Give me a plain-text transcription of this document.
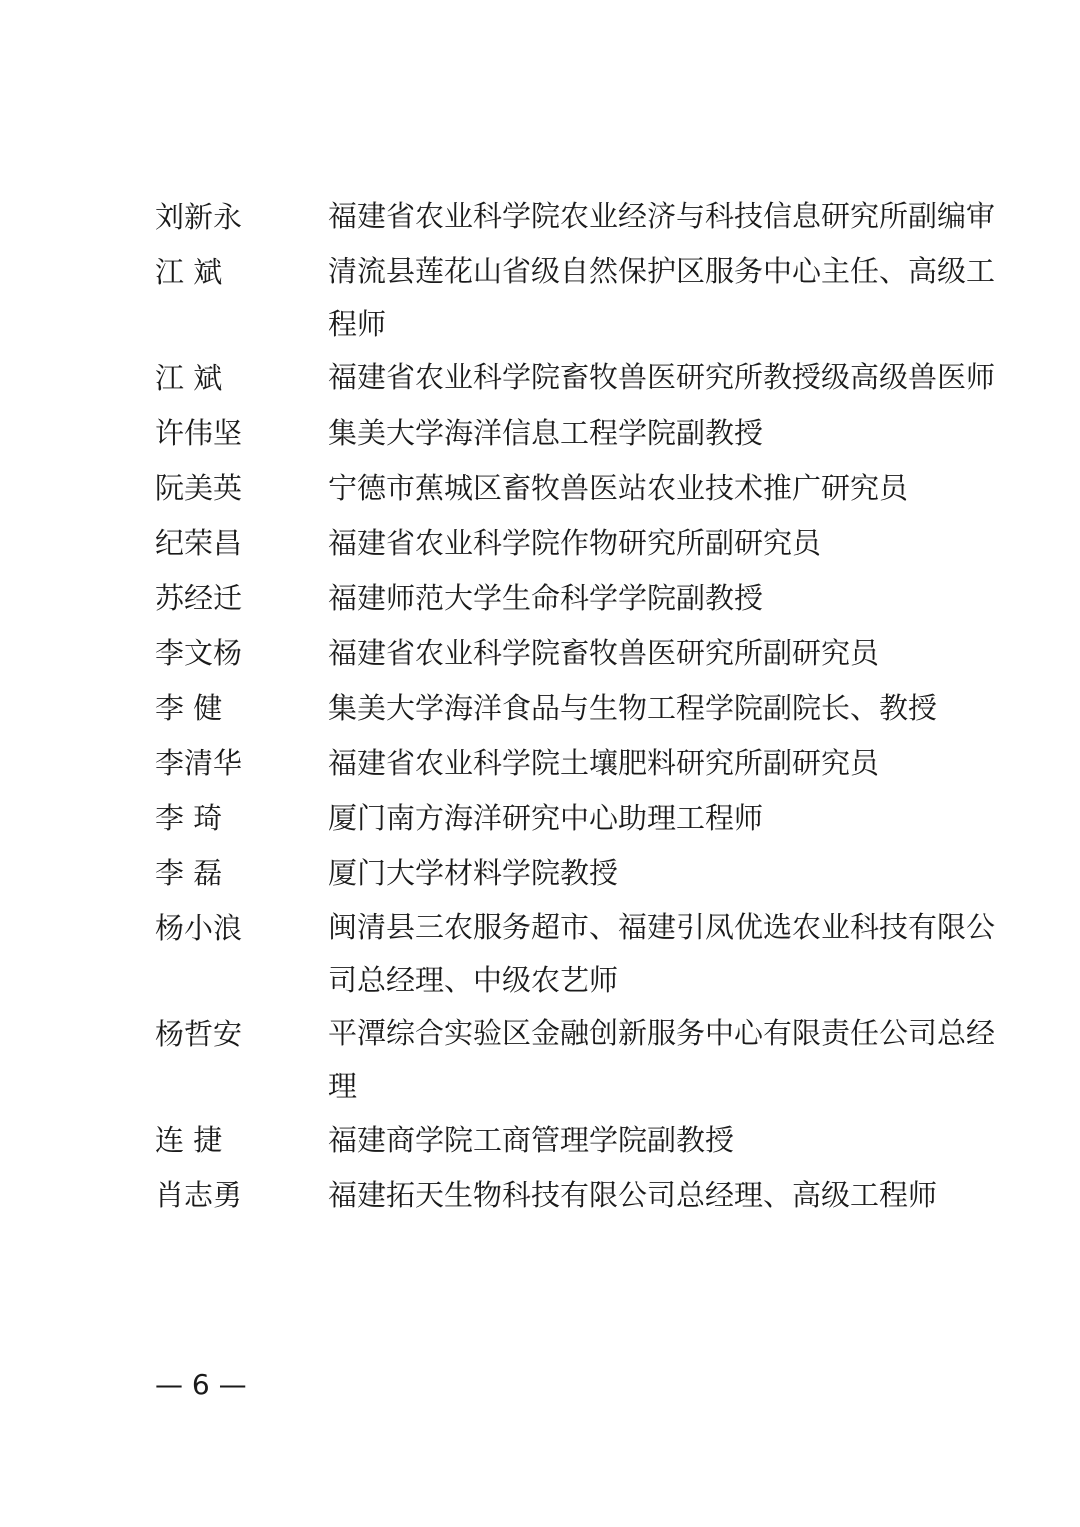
刘新永	福建省农业科学院农业经济与科技信息研究所副编审
江 斌	清流县莲花山省级自然保护区服务中心主任、高级工程师
江 斌	福建省农业科学院畜牧兽医研究所教授级高级兽医师
许伟坚	集美大学海洋信息工程学院副教授
阮美英	宁德市蕉城区畜牧兽医站农业技术推广研究员
纪荣昌	福建省农业科学院作物研究所副研究员
苏经迁	福建师范大学生命科学学院副教授
李文杨	福建省农业科学院畜牧兽医研究所副研究员
李 健	集美大学海洋食品与生物工程学院副院长、教授
李清华	福建省农业科学院土壤肥料研究所副研究员
李 琦	厦门南方海洋研究中心助理工程师
李 磊	厦门大学材料学院教授
杨小浪	闽清县三农服务超市、福建引凤优选农业科技有限公司总经理、中级农艺师
杨哲安	平潭综合实验区金融创新服务中心有限责任公司总经理
连 捷	福建商学院工商管理学院副教授
肖志勇	福建拓天生物科技有限公司总经理、高级工程师
— 6 —
